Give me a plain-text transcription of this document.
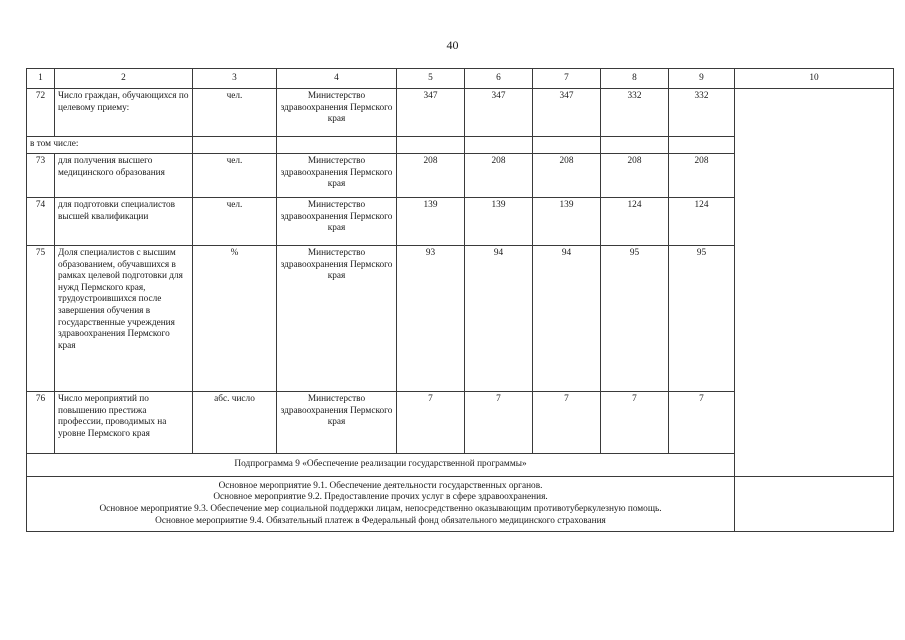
40
1	2	3	4	5	6	7	8	9	10
72	Число граждан, обучающихся по целевому приему:	чел.	Министерство здравоохранения Пермского края	347	347	347	332	332	
в том числе:									
73	для получения высшего медицинского образования	чел.	Министерство здравоохранения Пермского края	208	208	208	208	208	
74	для подготовки специалистов высшей квалификации	чел.	Министерство здравоохранения Пермского края	139	139	139	124	124	
75	Доля специалистов с высшим образованием, обучавшихся в рамках целевой подготовки для нужд Пермского края, трудоустроившихся после завершения обучения в государственные учреждения здравоохранения Пермского края	%	Министерство здравоохранения Пермского края	93	94	94	95	95	
76	Число мероприятий по повышению престижа профессии, проводимых на уровне Пермского края	абс. число	Министерство здравоохранения Пермского края	7	7	7	7	7	
Подпрограмма 9 «Обеспечение реализации государственной программы»									

Основное мероприятие 9.1. Обеспечение деятельности государственных органов.
Основное мероприятие 9.2. Предоставление прочих услуг в сфере здравоохранения.
Основное мероприятие 9.3. Обеспечение мер социальной поддержки лицам, непосредственно оказывающим противотуберкулезную помощь.
Основное мероприятие 9.4. Обязательный платеж в Федеральный фонд обязательного медицинского страхования									
